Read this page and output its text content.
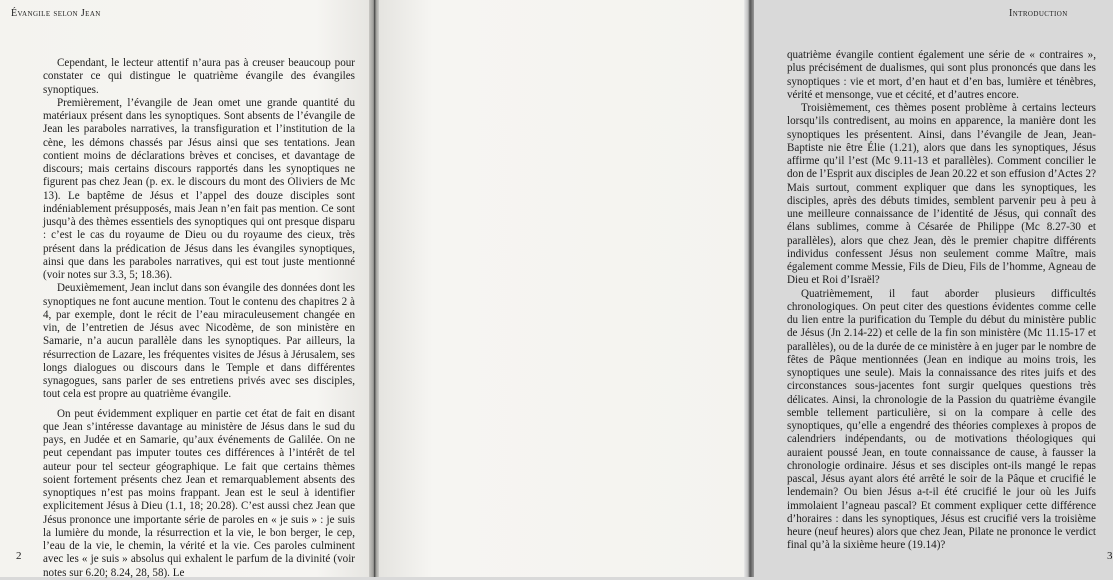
Évangile selon Jean

Cependant, le lecteur attentif n’aura pas à creuser beaucoup pour constater ce qui distingue le quatrième évangile des évangiles synoptiques.

Premièrement, l’évangile de Jean omet une grande quantité du matériaux présent dans les synoptiques. Sont absents de l’évangile de Jean les paraboles narratives, la transfiguration et l’institution de la cène, les démons chassés par Jésus ainsi que ses tentations. Jean contient moins de déclarations brèves et concises, et davantage de discours; mais certains discours rapportés dans les synoptiques ne figurent pas chez Jean (p. ex. le discours du mont des Oliviers de Mc 13). Le baptême de Jésus et l’appel des douze disciples sont indéniablement présupposés, mais Jean n’en fait pas mention. Ce sont jusqu’à des thèmes essentiels des synoptiques qui ont presque disparu : c’est le cas du royaume de Dieu ou du royaume des cieux, très présent dans la prédication de Jésus dans les évangiles synoptiques, ainsi que dans les paraboles narratives, qui est tout juste mentionné (voir notes sur 3.3, 5; 18.36).

Deuxièmement, Jean inclut dans son évangile des données dont les synoptiques ne font aucune mention. Tout le contenu des chapitres 2 à 4, par exemple, dont le récit de l’eau miraculeusement changée en vin, de l’entretien de Jésus avec Nicodème, de son ministère en Samarie, n’a aucun parallèle dans les synoptiques. Par ailleurs, la résurrection de Lazare, les fréquentes visites de Jésus à Jérusalem, ses longs dialogues ou discours dans le Temple et dans différentes synagogues, sans parler de ses entretiens privés avec ses disciples, tout cela est propre au quatrième évangile.

On peut évidemment expliquer en partie cet état de fait en disant que Jean s’intéresse davantage au ministère de Jésus dans le sud du pays, en Judée et en Samarie, qu’aux événements de Galilée. On ne peut cependant pas imputer toutes ces différences à l’intérêt de tel auteur pour tel secteur géographique. Le fait que certains thèmes soient fortement présents chez Jean et remarquablement absents des synoptiques n’est pas moins frappant. Jean est le seul à identifier explicitement Jésus à Dieu (1.1, 18; 20.28). C’est aussi chez Jean que Jésus prononce une importante série de paroles en « je suis » : je suis la lumière du monde, la résurrection et la vie, le bon berger, le cep, l’eau de la vie, le chemin, la vérité et la vie. Ces paroles culminent avec les « je suis » absolus qui exhalent le parfum de la divinité (voir notes sur 6.20; 8.24, 28, 58). Le

2
Introduction

quatrième évangile contient également une série de « contraires », plus précisément de dualismes, qui sont plus prononcés que dans les synoptiques : vie et mort, d’en haut et d’en bas, lumière et ténèbres, vérité et mensonge, vue et cécité, et d’autres encore.

Troisièmement, ces thèmes posent problème à certains lecteurs lorsqu’ils contredisent, au moins en apparence, la manière dont les synoptiques les présentent. Ainsi, dans l’évangile de Jean, Jean-Baptiste nie être Élie (1.21), alors que dans les synoptiques, Jésus affirme qu’il l’est (Mc 9.11-13 et parallèles). Comment concilier le don de l’Esprit aux disciples de Jean 20.22 et son effusion d’Actes 2? Mais surtout, comment expliquer que dans les synoptiques, les disciples, après des débuts timides, semblent parvenir peu à peu à une meilleure connaissance de l’identité de Jésus, qui connaît des élans sublimes, comme à Césarée de Philippe (Mc 8.27-30 et parallèles), alors que chez Jean, dès le premier chapitre différents individus confessent Jésus non seulement comme Maître, mais également comme Messie, Fils de Dieu, Fils de l’homme, Agneau de Dieu et Roi d’Israël?

Quatrièmement, il faut aborder plusieurs difficultés chronologiques. On peut citer des questions évidentes comme celle du lien entre la purification du Temple du début du ministère public de Jésus (Jn 2.14-22) et celle de la fin son ministère (Mc 11.15-17 et parallèles), ou de la durée de ce ministère à en juger par le nombre de fêtes de Pâque mentionnées (Jean en indique au moins trois, les synoptiques une seule). Mais la connaissance des rites juifs et des circonstances sous-jacentes font surgir quelques questions très délicates. Ainsi, la chronologie de la Passion du quatrième évangile semble tellement particulière, si on la compare à celle des synoptiques, qu’elle a engendré des théories complexes à propos de calendriers indépendants, ou de motivations théologiques qui auraient poussé Jean, en toute connaissance de cause, à fausser la chronologie ordinaire. Jésus et ses disciples ont-ils mangé le repas pascal, Jésus ayant alors été arrêté le soir de la Pâque et crucifié le lendemain? Ou bien Jésus a-t-il été crucifié le jour où les Juifs immolaient l’agneau pascal? Et comment expliquer cette différence d’horaires : dans les synoptiques, Jésus est crucifié vers la troisième heure (neuf heures) alors que chez Jean, Pilate ne prononce le verdict final qu’à la sixième heure (19.14)?

3
